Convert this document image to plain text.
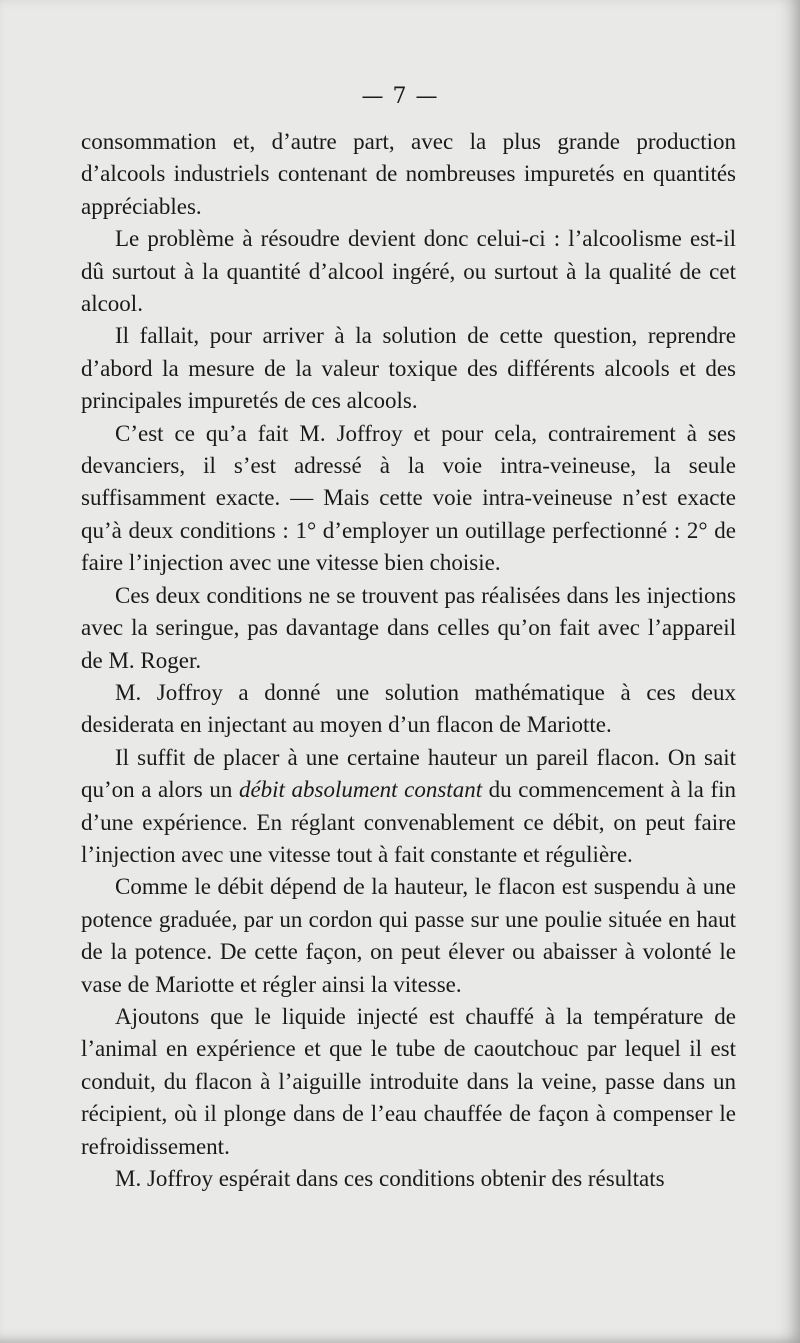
— 7 —

consommation et, d’autre part, avec la plus grande production d’alcools industriels contenant de nombreuses impuretés en quantités appréciables.

Le problème à résoudre devient donc celui-ci : l’alcoolisme est-il dû surtout à la quantité d’alcool ingéré, ou surtout à la qualité de cet alcool.

Il fallait, pour arriver à la solution de cette question, reprendre d’abord la mesure de la valeur toxique des différents alcools et des principales impuretés de ces alcools.

C’est ce qu’a fait M. Joffroy et pour cela, contrairement à ses devanciers, il s’est adressé à la voie intra-veineuse, la seule suffisamment exacte. — Mais cette voie intra-veineuse n’est exacte qu’à deux conditions : 1° d’employer un outillage perfectionné : 2° de faire l’injection avec une vitesse bien choisie.

Ces deux conditions ne se trouvent pas réalisées dans les injections avec la seringue, pas davantage dans celles qu’on fait avec l’appareil de M. Roger.

M. Joffroy a donné une solution mathématique à ces deux desiderata en injectant au moyen d’un flacon de Mariotte.

Il suffit de placer à une certaine hauteur un pareil flacon. On sait qu’on a alors un débit absolument constant du commencement à la fin d’une expérience. En réglant convenablement ce débit, on peut faire l’injection avec une vitesse tout à fait constante et régulière.

Comme le débit dépend de la hauteur, le flacon est suspendu à une potence graduée, par un cordon qui passe sur une poulie située en haut de la potence. De cette façon, on peut élever ou abaisser à volonté le vase de Mariotte et régler ainsi la vitesse.

Ajoutons que le liquide injecté est chauffé à la température de l’animal en expérience et que le tube de caoutchouc par lequel il est conduit, du flacon à l’aiguille introduite dans la veine, passe dans un récipient, où il plonge dans de l’eau chauffée de façon à compenser le refroidissement.

M. Joffroy espérait dans ces conditions obtenir des résultats
